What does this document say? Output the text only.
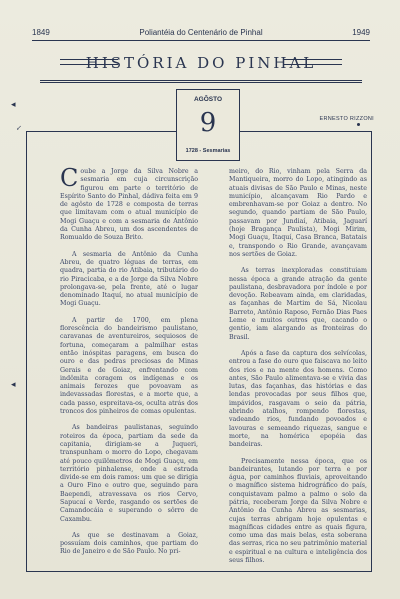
1849	Poliantéia do Centenário de Pinhal	1949
HISTÓRIA DO PINHAL
AGÔSTO
9
1728 - Sesmarias
ERNESTO RIZZONI
◂
↙
◂

Coube a Jorge da Silva Nobre a sesmaria em cuja circunscrição figurou em parte o território de Espírito Santo do Pinhal, dádiva feita em 9 de agôsto de 1728 e composta de terras que limitavam com o atual município de Mogi Guaçu e com a sesmaria de Antônio da Cunha Abreu, um dos ascendentes de Romualdo de Souza Brito.

A sesmaria de Antônio da Cunha Abreu, de quatro léguas de terras, em quadra, partia do rio Atibaia, tributário do rio Piracicaba, e a de Jorge da Silva Nobre prolongava-se, pela frente, até o lugar denominado Itaquí, no atual município de Mogi Guaçu.

A partir de 1700, em plena florescência do bandeirismo paulistano, caravanas de aventureiros, sequiosos de fortuna, começaram a palmilhar estas então inóspitas paragens, em busca do ouro e das pedras preciosas de Minas Gerais e de Goiaz, enfrentando com indômita coragem os indígenas e os animais ferozes que povoavam as indevassadas florestas, e a morte que, a cada passo, espreitava-os, oculta atrás dos troncos dos pinheiros de comas opulentas.

As bandeiras paulistanas, seguindo roteiros da época, partiam da sede da capitania, dirigiam-se a Juqueri, transpunham o morro do Lopo, chegavam até pouco quilômetros de Mogi Guaçu, em território pinhalense, onde a estrada divide-se em dois ramos: um que se dirigia a Ouro Fino e outro que, seguindo para Baependi, atravessava os rios Cervo, Sapucaí e Verde, rasgando os sertões de Camandocáia e superando o sôrro de Caxambu.

As que se destinavam a Goiaz, possuíam dois caminhos, que partiam do Rio de Janeiro e de São Paulo. No pri-

meiro, do Rio, vinham pela Serra da Mantiqueira, morro do Lopo, atingindo as atuais divisas de São Paulo e Minas, neste município, alcançavam Rio Pardo e embrenhavam-se por Goiaz a dentro. No segundo, quando partiam de São Paulo, passavam por Jundiaí, Atibaia, Jaguarí (hoje Bragança Paulista), Mogi Mirim, Mogi Guaçu, Itaquí, Casa Branca, Batatais e, transpondo o Rio Grande, avançavam nos sertões de Goiaz.

As terras inexploradas constituiam nessa época a grande atração da gente paulistana, desbravadora por índole e por devoção. Rebeavam ainda, em claridadas, as façanhas de Martim de Sá, Nicolau Barreto, Antônio Raposo, Fernão Dias Paes Leme e muitos outros que, cacando o gentio, iam alargando as fronteiras do Brasil.

Após a fase da captura dos selvícolas, entrou a fase do ouro que faiscava no leito dos rios e na mente dos homens. Como antes, São Paulo alimentava-se e vivia das lutas, das façanhas, das histórias e das lendas provocadas por seus filhos que, impávidos, rasgavam o seio da pátria, abrindo atalhos, rompendo florestas, vadeando rios, fundando povoados e lavouras e semeando riquezas, sangue e morte, na homérica epopéia das bandeiras.

Precisamente nessa época, que os bandeirantes, lutando por terra e por água, por caminhos fluviais, aproveitando o magnífico sistema hidrográfico do país, conquistavam palmo a palmo o solo da pátria, receberam Jorge da Silva Nobre e Antônio da Cunha Abreu as sesmarias, cujas terras abrigam hoje opulentas e magníficas cidades entre as quais figura, como uma das mais belas, esta soberana das serras, rica no seu patrimônio material e espiritual e na cultura e inteligência dos seus filhos.
